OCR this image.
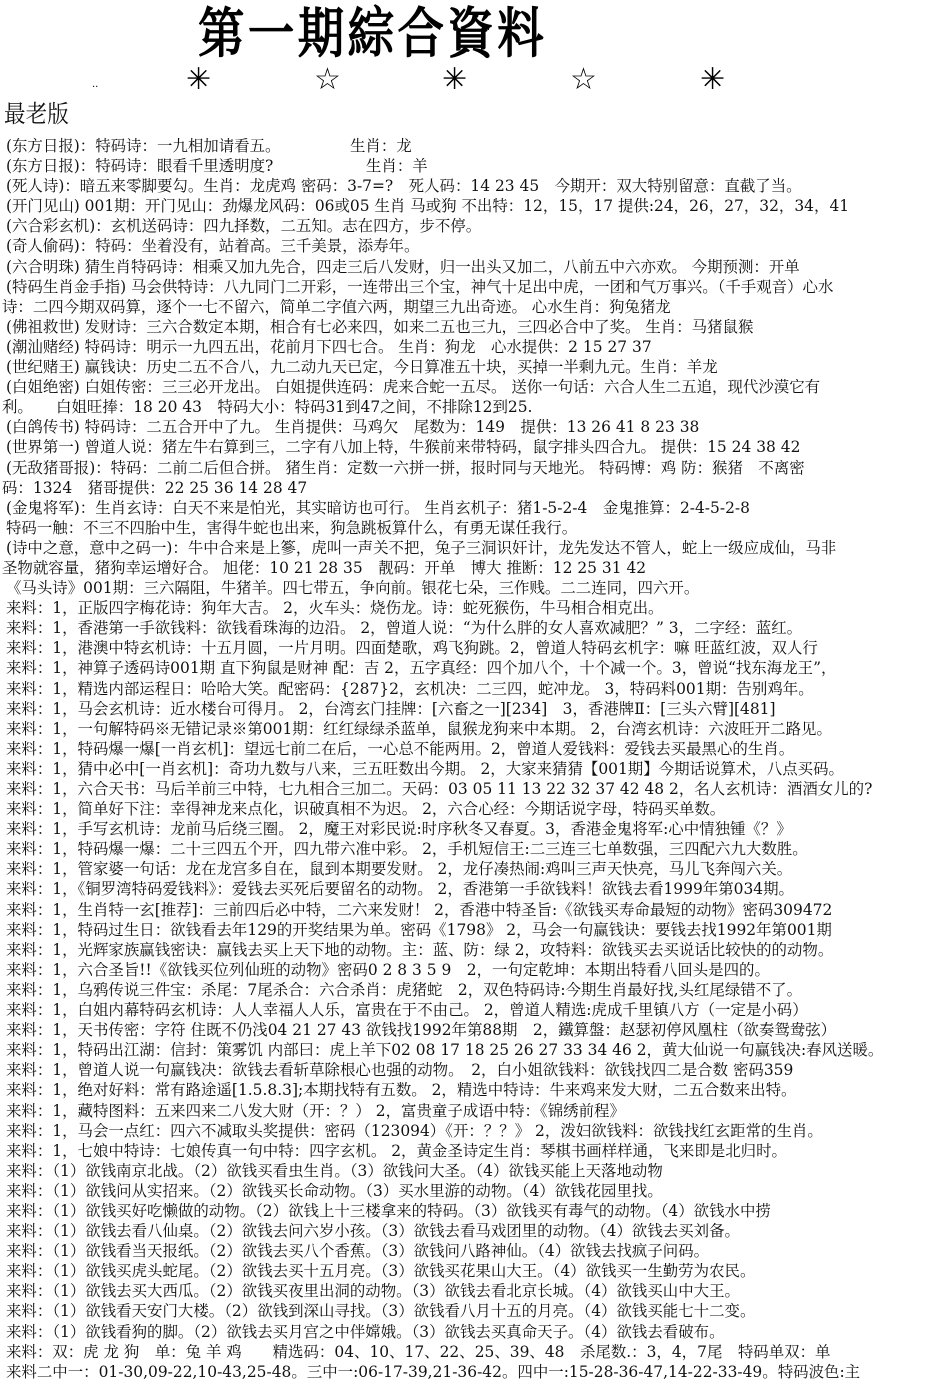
第一期綜合資料
··	✳	☆	✳	☆	✳
最老版
(东方日报)：特码诗：一九相加请看五。　　　　　生肖：龙
(东方日报)：特码诗：眼看千里透明度?　　　　　　生肖：羊
(死人诗)：暗五来零脚要勾。生肖：龙虎鸡 密码：3-7=?　死人码：14 23 45　今期开：双大特别留意：直截了当。
(开门见山) 001期：开门见山：劲爆龙风码：06或05 生肖 马或狗 不出特：12，15，17 提供:24，26，27，32，34，41
(六合彩玄机)：玄机送码诗：四九择数，二五知。志在四方，步不停。
(奇人偷码)：特码：坐着没有，站着高。三千美景，添寿年。
(六合明珠) 猜生肖特码诗：相乘又加九先合，四走三后八发财，归一出头又加二，八前五中六亦欢。 今期预测：开单
(特码生肖金手指) 马会供特诗：八九同门二开彩，一连带出三个宝，神气十足出中虎，一团和气万事兴。（千手观音）心水
诗：二四今期双码算，逐个一七不留六，简单二字值六两，期望三九出奇迹。 心水生肖：狗兔猪龙
(佛祖救世) 发财诗：三六合数定本期，相合有七必来四，如来二五也三九，三四必合中了奖。 生肖：马猪鼠猴
(潮汕赌经) 特码诗：明示一九四五出，花前月下四七合。 生肖：狗龙　心水提供：2 15 27 37
(世纪赌王) 赢钱诀：历史二五不合八，九二动九天已定，今日算准五十块，买掉一半剩九元。生肖：羊龙
(白姐绝密) 白姐传密：三三必开龙出。 白姐提供连码：虎来合蛇一五尽。 送你一句话：六合人生二五追，现代沙漠它有
利。　　白姐旺捧：18 20 43　特码大小：特码31到47之间，不排除12到25.
(白鸽传书) 特码诗：二五合开中了九。 生肖提供：马鸡欠　尾数为：149　提供：13 26 41 8 23 38
(世界第一) 曾道人说：猪左牛右算到三，二字有八加上特，牛猴前来带特码，鼠字排头四合九。 提供：15 24 38 42
(无敌猪哥报)：特码：二前二后但合拼。 猪生肖：定数一六拼一拼，报时同与天地光。 特码博：鸡 防：猴猪　不离密
码：1324　猪哥提供：22 25 36 14 28 47
(金鬼将军)：生肖玄诗：白天不来是怕光，其实暗访也可行。 生肖玄机子：猪1-5-2-4　金鬼推算：2-4-5-2-8
特码一触：不三不四胎中生，害得牛蛇也出来，狗急跳板算什么，有勇无谋任我行。
(诗中之意，意中之码一)：牛中合来是上篸，虎叫一声关不把，兔子三洞识奸计，龙先发达不管人，蛇上一级应成仙，马非
圣物就容量，猪狗幸运增好合。 旭佬：10 21 28 35　靓码：开单　博大 推断：12 25 31 42
《马头诗》001期：三六隔阻，牛猪羊。四七带五，争向前。银花七朵，三作贱。二二连同，四六开。
来料：1，正版四字梅花诗：狗年大吉。 2，火车头：烧伤龙。诗：蛇死猴伤，牛马相合相克出。
来料：1，香港第一手欲钱料：欲钱看珠海的边沿。 2，曾道人说：“为什么胖的女人喜欢减肥？” 3，二字经：蓝红。
来料：1，港澳中特玄机诗：十五月圆，一片月明。四面楚歌，鸡飞狗跳。2，曾道人特码玄机字：嘛 旺蓝红波，双人行
来料：1，神算子透码诗001期 直下狗鼠是财神 配：吉 2，五字真经：四个加八个，十个减一个。3，曾说“找东海龙王”，
来料：1，精选内部运程日：哈哈大笑。配密码：{287}2，玄机决：二三四，蛇冲龙。 3，特码料001期：告别鸡年。
来料：1，马会玄机诗：近水楼台可得月。 2，台湾玄门挂牌：[六畜之一][234]　3，香港牌Ⅱ：[三头六臂][481]
来料：1，一句解特码※无错记录※第001期：红红绿绿杀蓝单，鼠猴龙狗来中本期。 2，台湾玄机诗：六波旺开二路见。
来料：1，特码爆一爆[一肖玄机]：望远七前二在后，一心总不能两用。2，曾道人爱钱料：爱钱去买最黑心的生肖。
来料：1，猜中必中[一肖玄机]：奇功九数与八来，三五旺数出今期。 2，大家来猜猜【001期】今期话说算术，八点买码。
来料：1，六合天书：马后羊前三中特，七九相合三加二。天码：03 05 11 13 22 32 37 42 48 2，名人玄机诗：酒酒女儿的?
来料：1，简单好下注：幸得神龙来点化，识破真相不为迟。 2，六合心经：今期话说字母，特码买单数。
来料：1，手写玄机诗：龙前马后绕三圈。 2，魔王对彩民说:时序秋冬又春夏。3，香港金鬼将军:心中情独锺《？》
来料：1，特码爆一爆：二十三四五个开，四九带六准中彩。 2，手机短信王:二三连三七单数强，三四配六九大数胜。
来料：1，管家婆一句话：龙在龙宫多自在，鼠到本期要发财。 2，龙仔凑热闹:鸡叫三声天快亮，马儿飞奔闯六关。
来料：1，《铜罗湾特码爱钱料》：爱钱去买死后要留名的动物。 2，香港第一手欲钱料！欲钱去看1999年第034期。
来料：1，生肖特一玄[推荐]：三前四后必中特，二六来发财！ 2，香港中特圣旨:《欲钱买寿命最短的动物》密码309472
来料：1，特码过生日：欲钱看去年129的开奖结果为单。密码《1798》 2，马会一句赢钱诀：要钱去找1992年第001期
来料：1，光辉家族赢钱密诀：赢钱去买上天下地的动物。主：蓝、防：绿 2，攻特料：欲钱买去买说话比较快的的动物。
来料：1，六合圣旨!!《欲钱买位列仙班的动物》密码0 2 8 3 5 9　2，一句定乾坤：本期出特看八回头是四的。
来料：1，乌鸦传说三件宝：杀尾：7尾杀合：六合杀肖：虎猪蛇　2，双色特码诗:今期生肖最好找,头红尾绿错不了。
来料：1，白姐内幕特码玄机诗：人人幸福人人乐，富贵在于不由己。 2，曾道人精选:虎成千里镇八方（一定是小码）
来料：1，天书传密：字符 住既不仍浅04 21 27 43 欲钱找1992年第88期　2，鐵算盤：赵瑟初停风凰柱（欲奏鸳鸯弦）
来料：1，特码出江湖：信封：策雾饥 内部曰：虎上羊下02 08 17 18 25 26 27 33 34 46 2，黄大仙说一句赢钱决:春风送暖。
来料：1，曾道人说一句赢钱决：欲钱去看斩草除根心也强的动物。　2，白小姐欲钱料：欲钱找四二是合数 密码359
来料：1，绝对好料：常有路途遥[1.5.8.3];本期找特有五数。 2，精选中特诗：牛来鸡来发大财，二五合数来出特。
来料：1，藏特图料：五来四来二八发大财（开：？） 2，富贵童子成语中特：《锦绣前程》
来料：1，马会一点红：四六不减取头奖提供：密码（123094）《开：？？》 2，泼妇欲钱料：欲钱找红玄距常的生肖。
来料：1，七娘中特诗：七娘传真一句中特：四字玄机。 2，黄金圣诗定生肖：琴棋书画样样通，飞来即是北归时。
来料：（1）欲钱南京北战。（2）欲钱买看虫生肖。（3）欲钱问大圣。（4）欲钱买能上天落地动物
来料：（1）欲钱问从实招来。（2）欲钱买长命动物。（3）买水里游的动物。（4）欲钱花园里找。
来料：（1）欲钱买好吃懒做的动物。（2）欲钱上十三楼拿来的特码。（3）欲钱买有毒气的动物。（4）欲钱水中捞
来料：（1）欲钱去看八仙桌。（2）欲钱去问六岁小孩。（3）欲钱去看马戏团里的动物。（4）欲钱去买刘备。
来料：（1）欲钱看当天报纸。（2）欲钱去买八个香蕉。（3）欲钱问八路神仙。（4）欲钱去找疯子问码。
来料：（1）欲钱买虎头蛇尾。（2）欲钱去买十五月亮。（3）欲钱买花果山大王。（4）欲钱买一生勤劳为农民。
来料：（1）欲钱去买大西瓜。（2）欲钱买夜里出洞的动物。（3）欲钱去看北京长城。（4）欲钱买山中大王。
来料：（1）欲钱看天安门大楼。（2）欲钱到深山寻找。（3）欲钱看八月十五的月亮。（4）欲钱买能七十二变。
来料：（1）欲钱看狗的脚。（2）欲钱去买月宫之中伴嫦娥。（3）欲钱去买真命天子。（4）欲钱去看破布。
来料：双：虎 龙 狗　单：兔 羊 鸡　　精选码：04、10、17、22、25、39、48　杀尾数.：3，4，7尾　特码单双：单
来料二中一：01-30,09-22,10-43,25-48。三中一:06-17-39,21-36-42。四中一:15-28-36-47,14-22-33-49。特码波色:主
